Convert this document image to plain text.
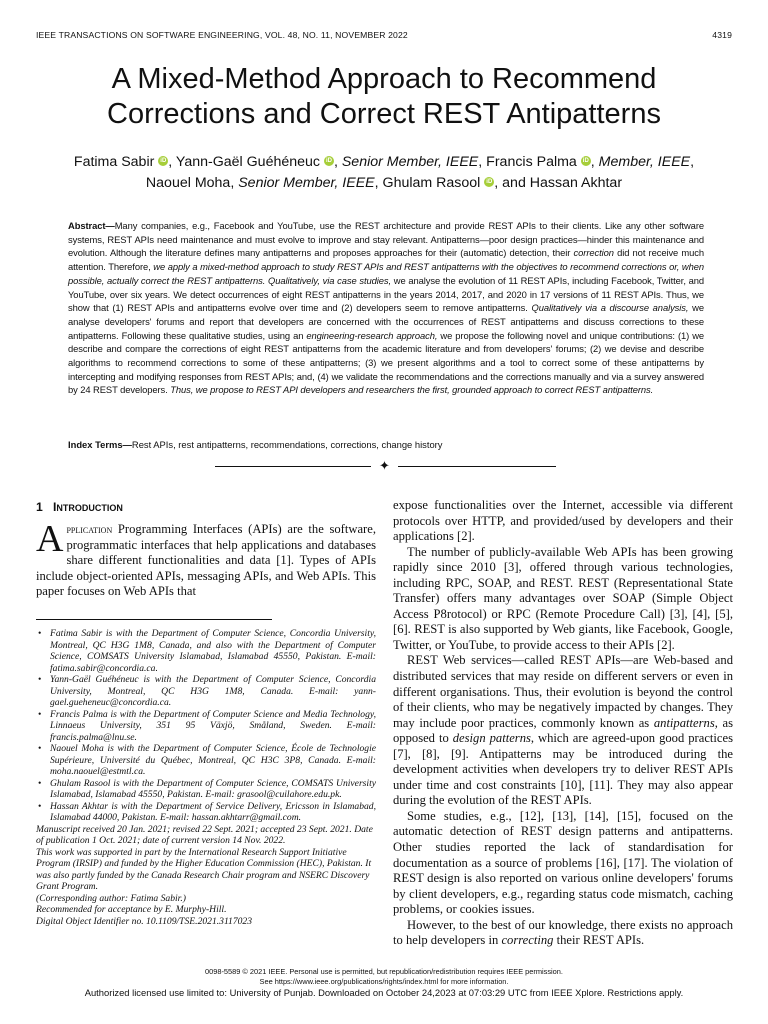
IEEE TRANSACTIONS ON SOFTWARE ENGINEERING, VOL. 48, NO. 11, NOVEMBER 2022	4319
A Mixed-Method Approach to Recommend
Corrections and Correct REST Antipatterns
Fatima Sabir iD , Yann-Gaël Guéhéneuc iD , Senior Member, IEEE, Francis Palma iD , Member, IEEE,
Naouel Moha, Senior Member, IEEE, Ghulam Rasool iD , and Hassan Akhtar

Abstract—Many companies, e.g., Facebook and YouTube, use the REST architecture and provide REST APIs to their clients. Like any other software systems, REST APIs need maintenance and must evolve to improve and stay relevant. Antipatterns—poor design practices—hinder this maintenance and evolution. Although the literature defines many antipatterns and proposes approaches for their (automatic) detection, their correction did not receive much attention. Therefore, we apply a mixed-method approach to study REST APIs and REST antipatterns with the objectives to recommend corrections or, when possible, actually correct the REST antipatterns. Qualitatively, via case studies, we analyse the evolution of 11 REST APIs, including Facebook, Twitter, and YouTube, over six years. We detect occurrences of eight REST antipatterns in the years 2014, 2017, and 2020 in 17 versions of 11 REST APIs. Thus, we show that (1) REST APIs and antipatterns evolve over time and (2) developers seem to remove antipatterns. Qualitatively via a discourse analysis, we analyse developers' forums and report that developers are concerned with the occurrences of REST antipatterns and discuss corrections to these antipatterns. Following these qualitative studies, using an engineering-research approach, we propose the following novel and unique contributions: (1) we describe and compare the corrections of eight REST antipatterns from the academic literature and from developers' forums; (2) we devise and describe algorithms to recommend corrections to some of these antipatterns; (3) we present algorithms and a tool to correct some of these antipatterns by intercepting and modifying responses from REST APIs; and, (4) we validate the recommendations and the corrections manually and via a survey answered by 24 REST developers. Thus, we propose to REST API developers and researchers the first, grounded approach to correct REST antipatterns.

Index Terms—Rest APIs, rest antipatterns, recommendations, corrections, change history
✦
1 Introduction

Application Programming Interfaces (APIs) are the software, programmatic interfaces that help applications and databases share different functionalities and data [1]. Types of APIs include object-oriented APIs, messaging APIs, and Web APIs. This paper focuses on Web APIs that

• Fatima Sabir is with the Department of Computer Science, Concordia University, Montreal, QC H3G 1M8, Canada, and also with the Department of Computer Science, COMSATS University Islamabad, Islamabad 45550, Pakistan. E-mail: fatima.sabir@concordia.ca.
• Yann-Gaël Guéhéneuc is with the Department of Computer Science, Concordia University, Montreal, QC H3G 1M8, Canada. E-mail: yann-gael.gueheneuc@concordia.ca.
• Francis Palma is with the Department of Computer Science and Media Technology, Linnaeus University, 351 95 Växjö, Småland, Sweden. E-mail: francis.palma@lnu.se.
• Naouel Moha is with the Department of Computer Science, École de Technologie Supérieure, Université du Québec, Montreal, QC H3C 3P8, Canada. E-mail: moha.naouel@estmtl.ca.
• Ghulam Rasool is with the Department of Computer Science, COMSATS University Islamabad, Islamabad 45550, Pakistan. E-mail: grasool@cuilahore.edu.pk.
• Hassan Akhtar is with the Department of Service Delivery, Ericsson in Islamabad, Islamabad 44000, Pakistan. E-mail: hassan.akhtarr@gmail.com.
Manuscript received 20 Jan. 2021; revised 22 Sept. 2021; accepted 23 Sept. 2021. Date of publication 1 Oct. 2021; date of current version 14 Nov. 2022.
This work was supported in part by the International Research Support Initiative Program (IRSIP) and funded by the Higher Education Commission (HEC), Pakistan. It was also partly funded by the Canada Research Chair program and NSERC Discovery Grant Program.
(Corresponding author: Fatima Sabir.)
Recommended for acceptance by E. Murphy-Hill.
Digital Object Identifier no. 10.1109/TSE.2021.3117023

expose functionalities over the Internet, accessible via different protocols over HTTP, and provided/used by developers and their applications [2].

The number of publicly-available Web APIs has been growing rapidly since 2010 [3], offered through various technologies, including RPC, SOAP, and REST. REST (Representational State Transfer) offers many advantages over SOAP (Simple Object Access P8rotocol) or RPC (Remote Procedure Call) [3], [4], [5], [6]. REST is also supported by Web giants, like Facebook, Google, Twitter, or YouTube, to provide access to their APIs [2].

REST Web services—called REST APIs—are Web-based and distributed services that may reside on different servers or even in different organisations. Thus, their evolution is beyond the control of their clients, who may be negatively impacted by changes. They may include poor practices, commonly known as antipatterns, as opposed to design patterns, which are agreed-upon good practices [7], [8], [9]. Antipatterns may be introduced during the development activities when developers try to deliver REST APIs under time and cost constraints [10], [11]. They may also appear during the evolution of the REST APIs.

Some studies, e.g., [12], [13], [14], [15], focused on the automatic detection of REST design patterns and antipatterns. Other studies reported the lack of standardisation for documentation as a source of problems [16], [17]. The violation of REST design is also reported on various online developers' forums by client developers, e.g., regarding status code mismatch, caching problems, or cookies issues.

However, to the best of our knowledge, there exists no approach to help developers in correcting their REST APIs.

0098-5589 © 2021 IEEE. Personal use is permitted, but republication/redistribution requires IEEE permission.
See https://www.ieee.org/publications/rights/index.html for more information.
Authorized licensed use limited to: University of Punjab. Downloaded on October 24,2023 at 07:03:29 UTC from IEEE Xplore. Restrictions apply.
